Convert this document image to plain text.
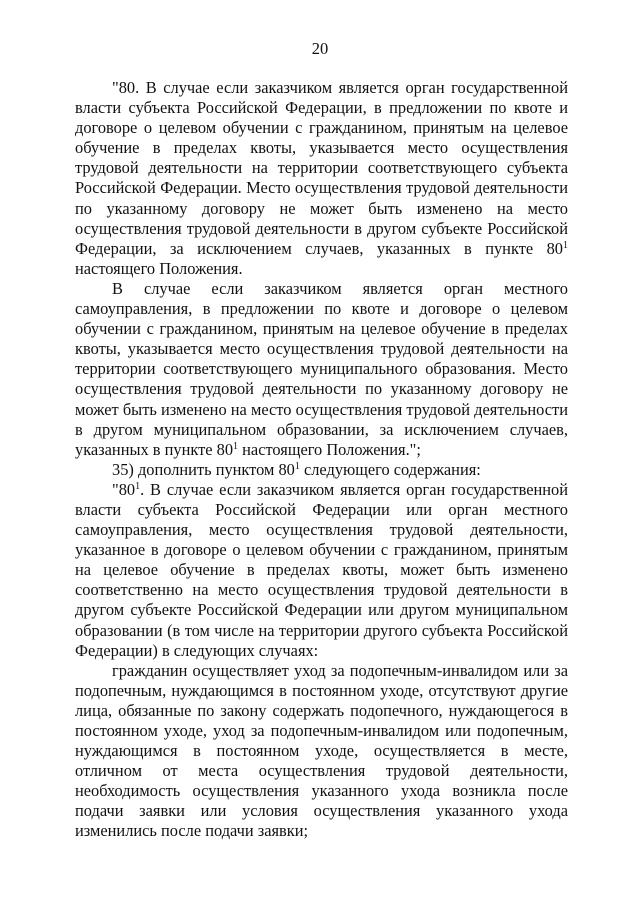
20

"80. В случае если заказчиком является орган государственной власти субъекта Российской Федерации, в предложении по квоте и договоре о целевом обучении с гражданином, принятым на целевое обучение в пределах квоты, указывается место осуществления трудовой деятельности на территории соответствующего субъекта Российской Федерации. Место осуществления трудовой деятельности по указанному договору не может быть изменено на место осуществления трудовой деятельности в другом субъекте Российской Федерации, за исключением случаев, указанных в пункте $80^1$ настоящего Положения.

В случае если заказчиком является орган местного самоуправления, в предложении по квоте и договоре о целевом обучении с гражданином, принятым на целевое обучение в пределах квоты, указывается место осуществления трудовой деятельности на территории соответствующего муниципального образования. Место осуществления трудовой деятельности по указанному договору не может быть изменено на место осуществления трудовой деятельности в другом муниципальном образовании, за исключением случаев, указанных в пункте $80^1$ настоящего Положения.";

35) дополнить пунктом $80^1$ следующего содержания:

"$80^1$. В случае если заказчиком является орган государственной власти субъекта Российской Федерации или орган местного самоуправления, место осуществления трудовой деятельности, указанное в договоре о целевом обучении с гражданином, принятым на целевое обучение в пределах квоты, может быть изменено соответственно на место осуществления трудовой деятельности в другом субъекте Российской Федерации или другом муниципальном образовании (в том числе на территории другого субъекта Российской Федерации) в следующих случаях:

гражданин осуществляет уход за подопечным-инвалидом или за подопечным, нуждающимся в постоянном уходе, отсутствуют другие лица, обязанные по закону содержать подопечного, нуждающегося в постоянном уходе, уход за подопечным-инвалидом или подопечным, нуждающимся в постоянном уходе, осуществляется в месте, отличном от места осуществления трудовой деятельности, необходимость осуществления указанного ухода возникла после подачи заявки или условия осуществления указанного ухода изменились после подачи заявки;
